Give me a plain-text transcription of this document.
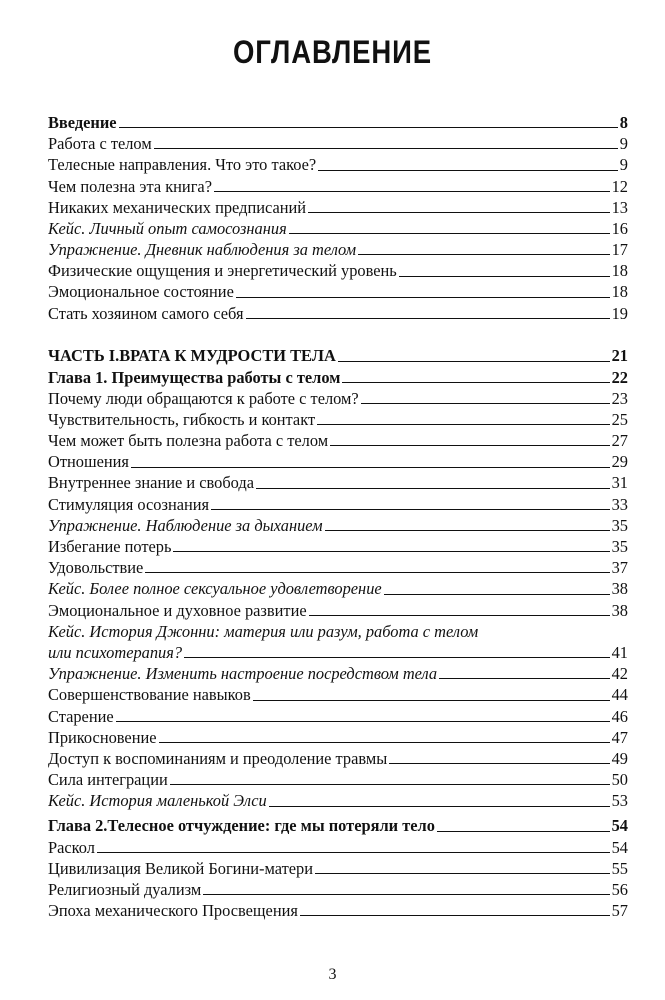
ОГЛАВЛЕНИЕ
Введение	8
Работа с телом	9
Телесные направления. Что это такое?	9
Чем полезна эта книга?	12
Никаких механических предписаний	13
Кейс. Личный опыт самосознания	16
Упражнение. Дневник наблюдения за телом	17
Физические ощущения и энергетический уровень	18
Эмоциональное состояние	18
Стать хозяином самого себя	19
ЧАСТЬ I.ВРАТА К МУДРОСТИ ТЕЛА	21
Глава 1. Преимущества работы с телом	22
Почему люди обращаются к работе с телом?	23
Чувствительность, гибкость и контакт	25
Чем может быть полезна работа с телом	27
Отношения	29
Внутреннее знание и свобода	31
Стимуляция осознания	33
Упражнение. Наблюдение за дыханием	35
Избегание потерь	35
Удовольствие	37
Кейс. Более полное сексуальное удовлетворение	38
Эмоциональное и духовное развитие	38
Кейс. История Джонни: материя или разум, работа с телом
или психотерапия?	41
Упражнение. Изменить настроение посредством тела	42
Совершенствование навыков	44
Старение	46
Прикосновение	47
Доступ к воспоминаниям и преодоление травмы	49
Сила интеграции	50
Кейс. История маленькой Элси	53
Глава 2.Телесное отчуждение: где мы потеряли тело	54
Раскол	54
Цивилизация Великой Богини-матери	55
Религиозный дуализм	56
Эпоха механического Просвещения	57
3
